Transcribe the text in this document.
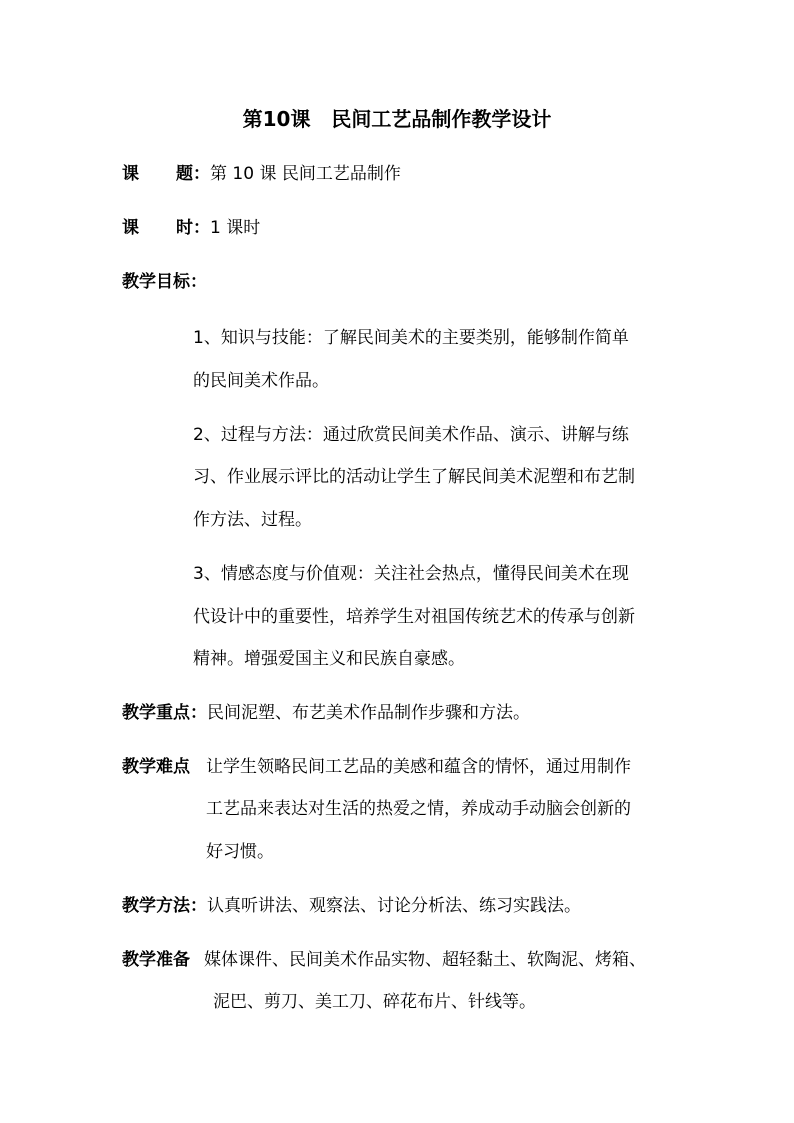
第10课   民间工艺品制作教学设计
课 题：第 10 课 民间工艺品制作
课 时：1 课时
教学目标：
1、知识与技能：了解民间美术的主要类别，能够制作简单
的民间美术作品。
2、过程与方法：通过欣赏民间美术作品、演示、讲解与练
习、作业展示评比的活动让学生了解民间美术泥塑和布艺制
作方法、过程。
3、情感态度与价值观：关注社会热点，懂得民间美术在现
代设计中的重要性，培养学生对祖国传统艺术的传承与创新
精神。增强爱国主义和民族自豪感。
教学重点：民间泥塑、布艺美术作品制作步骤和方法。
教学难点 让学生领略民间工艺品的美感和蕴含的情怀，通过用制作
工艺品来表达对生活的热爱之情，养成动手动脑会创新的
好习惯。
教学方法：认真听讲法、观察法、讨论分析法、练习实践法。
教学准备 媒体课件、民间美术作品实物、超轻黏土、软陶泥、烤箱、
泥巴、剪刀、美工刀、碎花布片、针线等。
